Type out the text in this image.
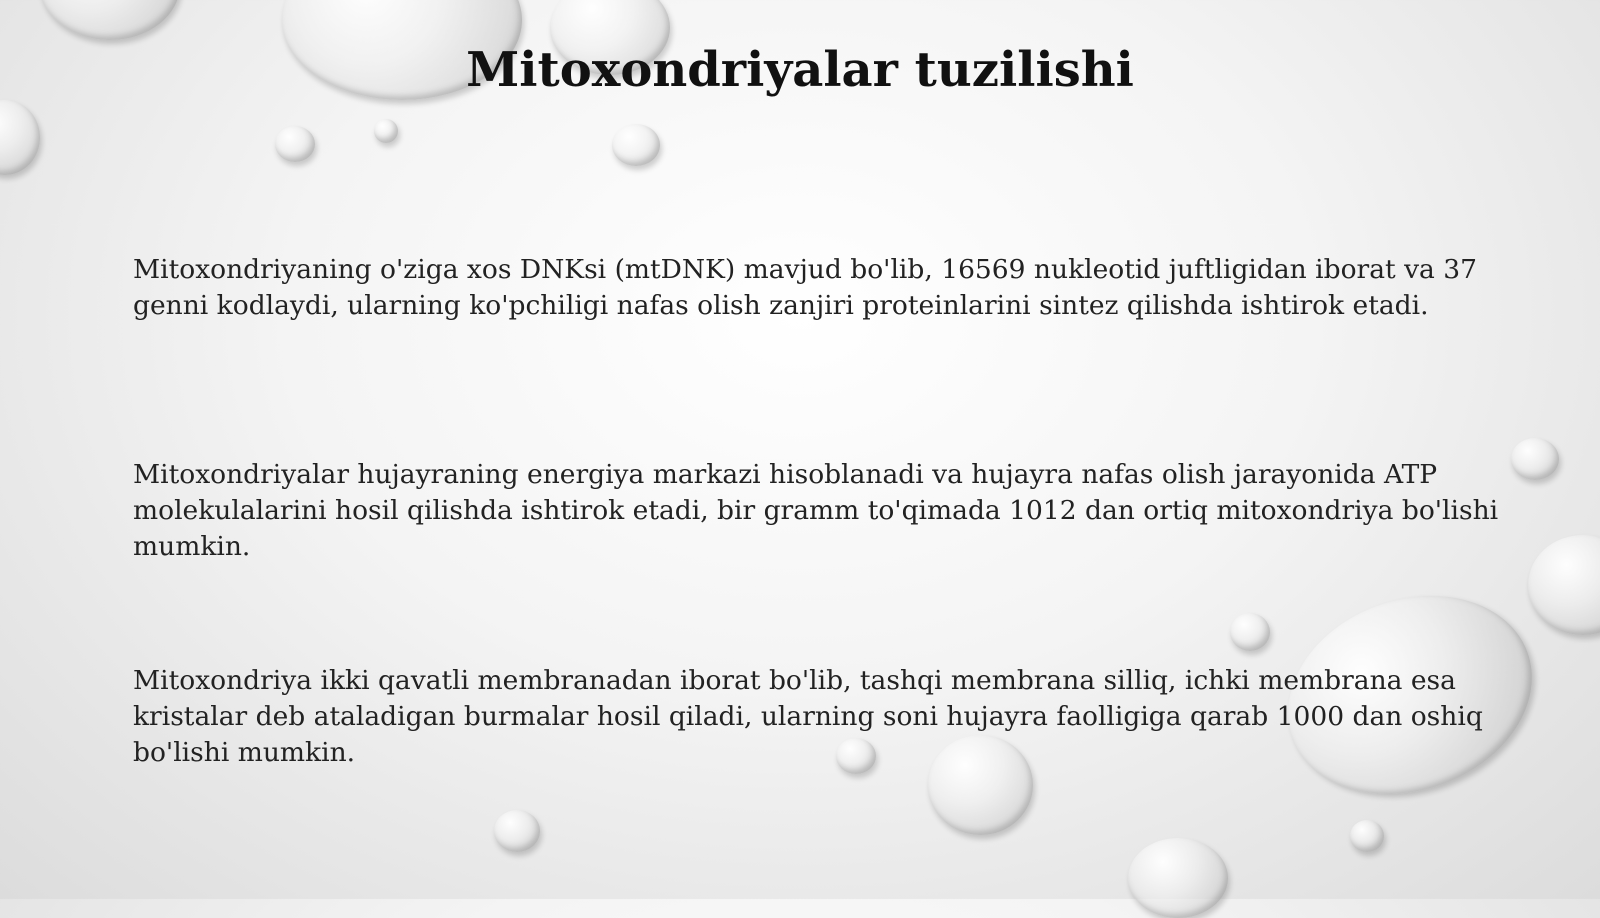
Mitoxondriyalar tuzilishi

Mitoxondriyaning o'ziga xos DNKsi (mtDNK) mavjud bo'lib, 16569 nukleotid juftligidan iborat va 37 genni kodlaydi, ularning ko'pchiligi nafas olish zanjiri proteinlarini sintez qilishda ishtirok etadi.

Mitoxondriyalar hujayraning energiya markazi hisoblanadi va hujayra nafas olish jarayonida ATP molekulalarini hosil qilishda ishtirok etadi, bir gramm to'qimada 1012 dan ortiq mitoxondriya bo'lishi mumkin.

Mitoxondriya ikki qavatli membranadan iborat bo'lib, tashqi membrana silliq, ichki membrana esa kristalar deb ataladigan burmalar hosil qiladi, ularning soni hujayra faolligiga qarab 1000 dan oshiq bo'lishi mumkin.
